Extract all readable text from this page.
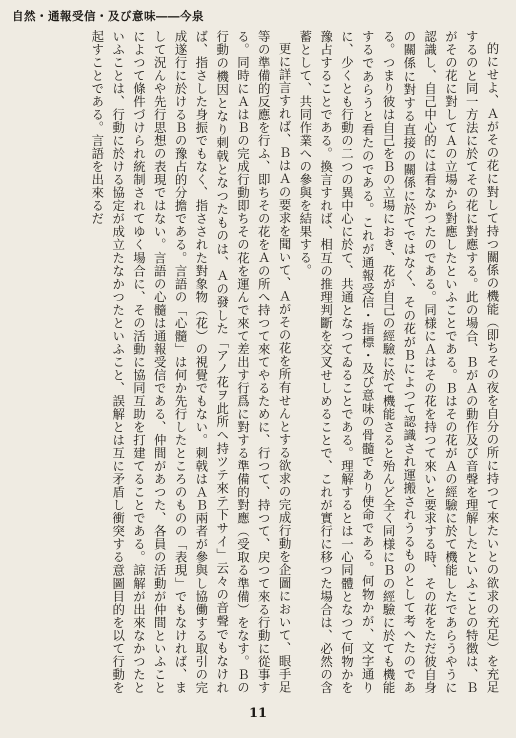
自然・通報受信・及び意味――今泉

的にせよ、Ａがその花に對して持つ關係の機能（即ちその夜を自分の所に持つて來たいとの欲求の充足）を充足するのと同一方法に於てその花に對應する。此の場合、ＢがＡの動作及び音聲を理解したといふことの特徴は、Ｂがその花に對してＡの立場から對應したといふことである。Ｂはその花がＡの經驗に於て機能したであらうやうに認識し、自己中心的には看なかつたのである。同様にＡはその花を持つて來いと要求する時、その花をただ彼自身の關係に對する直接の關係に於てではなく、その花がＢによつて認識され運搬されうるものとして考へたのである。つまり彼は自己をＢの立場におき、花が自己の經驗に於て機能さると殆んど全く同様にＢの經驗に於ても機能するであらうと看たのである。これが通報受信・指標・及び意味の骨髓であり使命である。何物かが、文字通りに、少くとも行動の二つの異中心に於て、共通となつてゐることである。理解するとは一心同體となつて何物かを豫占することである。換言すれば、相互の推理判斷を交叉せしめることで、これが實行に移つた場合は、必然の含蓄として、共同作業への參與を結果する。

更に詳言すれば、ＢはＡの要求を聞いて、Ａがその花を所有せんとする欲求の完成行動を企圖において、眼手足等の準備的反應を行ふ、即ちその花をＡの所へ持つて來てやるために、行つて、持つて、戻つて來る行動に從事する。同時にＡはＢの完成行動即ちその花を運んで來て差出す行爲に對する準備的對應（受取る準備）をなす。Ｂの行動の機因となり刺戟となつたものは、Ａの發した「アノ花ヲ此所ヘ持ツテ來テ下サイ」云々の音聲でもなければ、指さした身振でもなく、指さされた對象物（花）の視覺でもない。刺戟はＡＢ兩者が參與し協働する取引の完成遂行に於けるＢの豫占的分擔である。言語の「心髓」は何か先行したところのものの「表現」でもなければ、まして況んや先行思想の表現ではない。言語の心髓は通報受信である、仲間があつた、各員の活動が仲間といふことによつて條件づけられ統制されてゆく場合に、その活動に協同互助を打建てることである。諒解が出來なかつたといふことは、行動に於ける協定が成立たなかつたといふこと、誤解とは互に矛盾し衝突する意圖目的を以て行動を起すことである。言語を出來るだ

11
